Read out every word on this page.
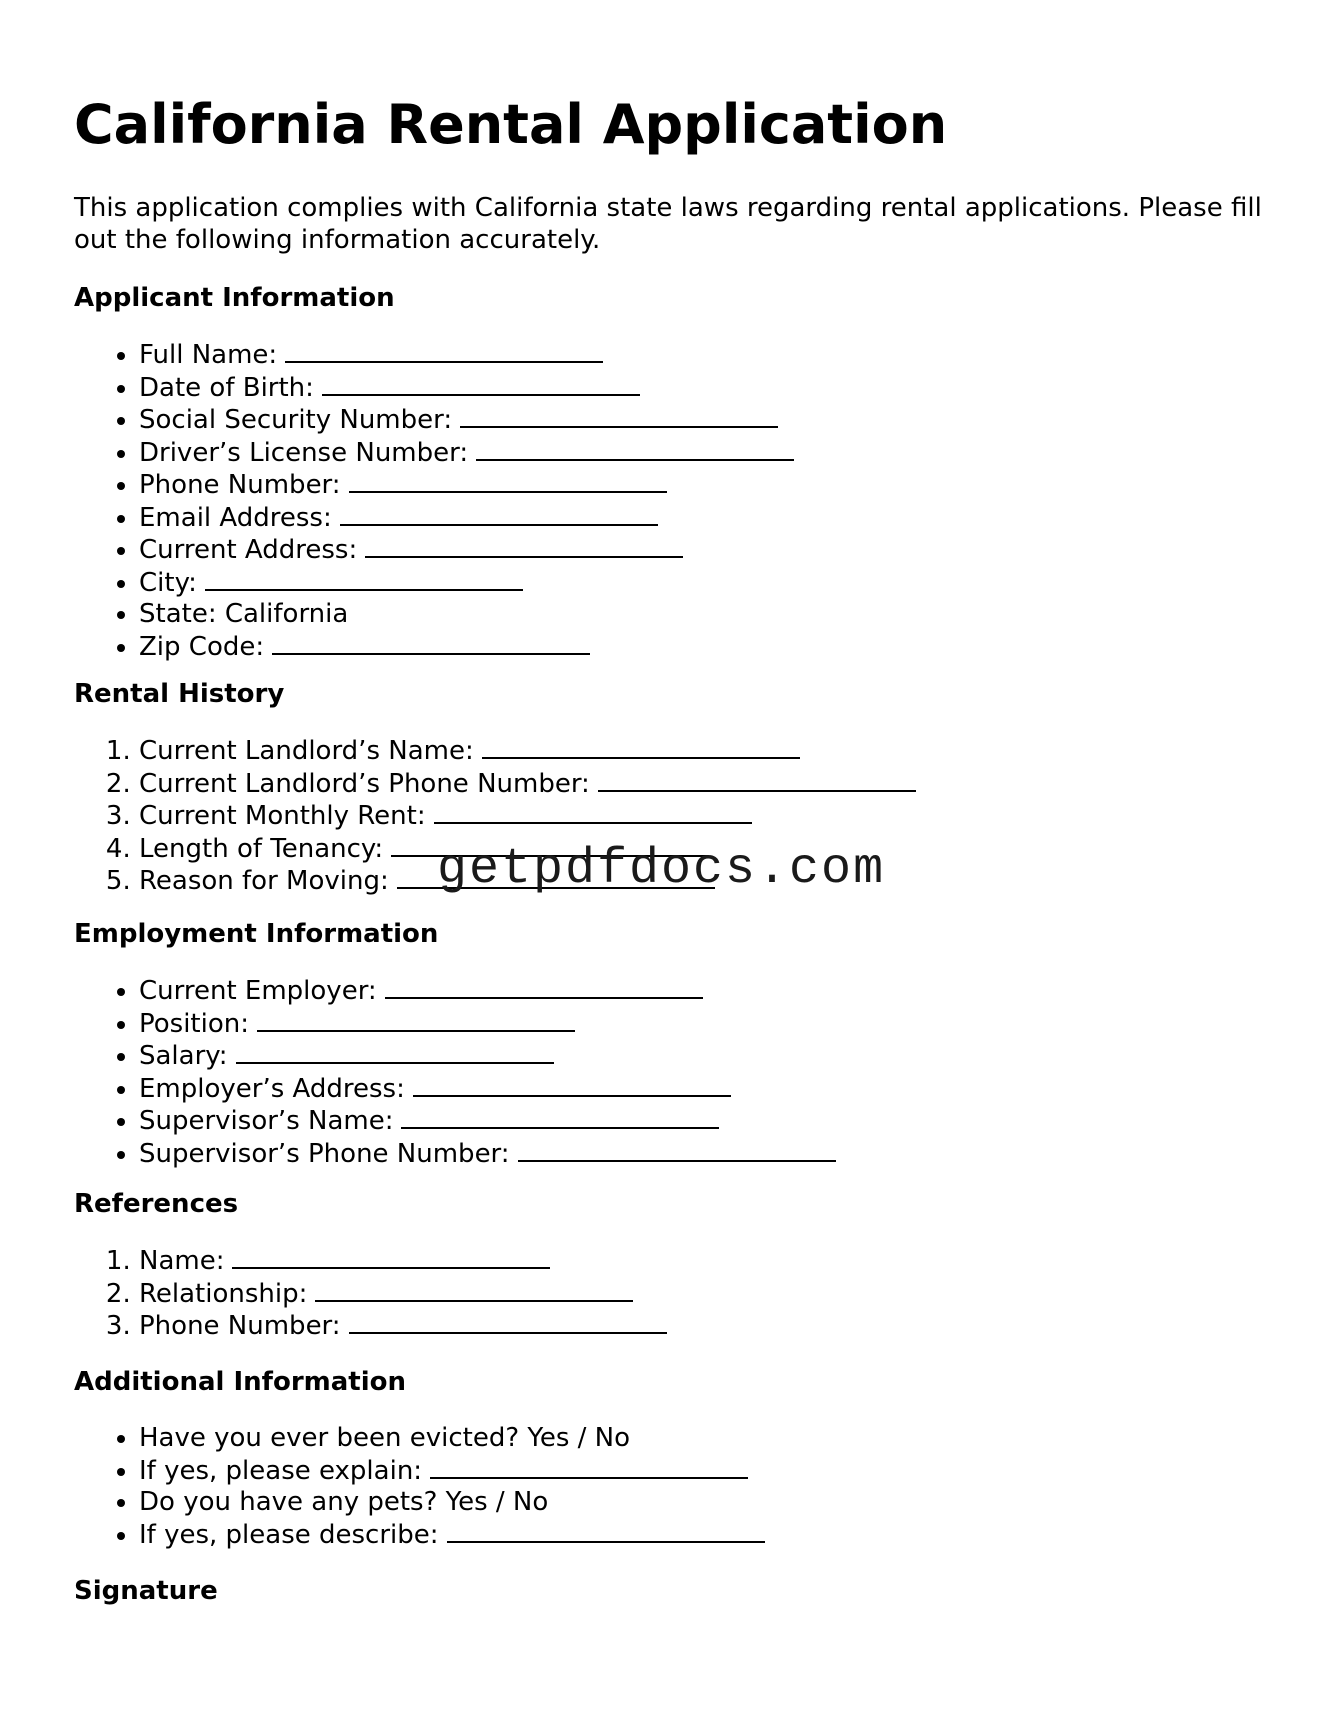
California Rental Application

This application complies with California state laws regarding rental applications. Please fill out the following information accurately.

Applicant Information
• Full Name:
• Date of Birth:
• Social Security Number:
• Driver’s License Number:
• Phone Number:
• Email Address:
• Current Address:
• City:
• State: California
• Zip Code:
Rental History
1. Current Landlord’s Name:
2. Current Landlord’s Phone Number:
3. Current Monthly Rent:
4. Length of Tenancy:
5. Reason for Moving:
Employment Information
• Current Employer:
• Position:
• Salary:
• Employer’s Address:
• Supervisor’s Name:
• Supervisor’s Phone Number:
References
1. Name:
2. Relationship:
3. Phone Number:
Additional Information
• Have you ever been evicted? Yes / No
• If yes, please explain:
• Do you have any pets? Yes / No
• If yes, please describe:
Signature
getpdfdocs.com
